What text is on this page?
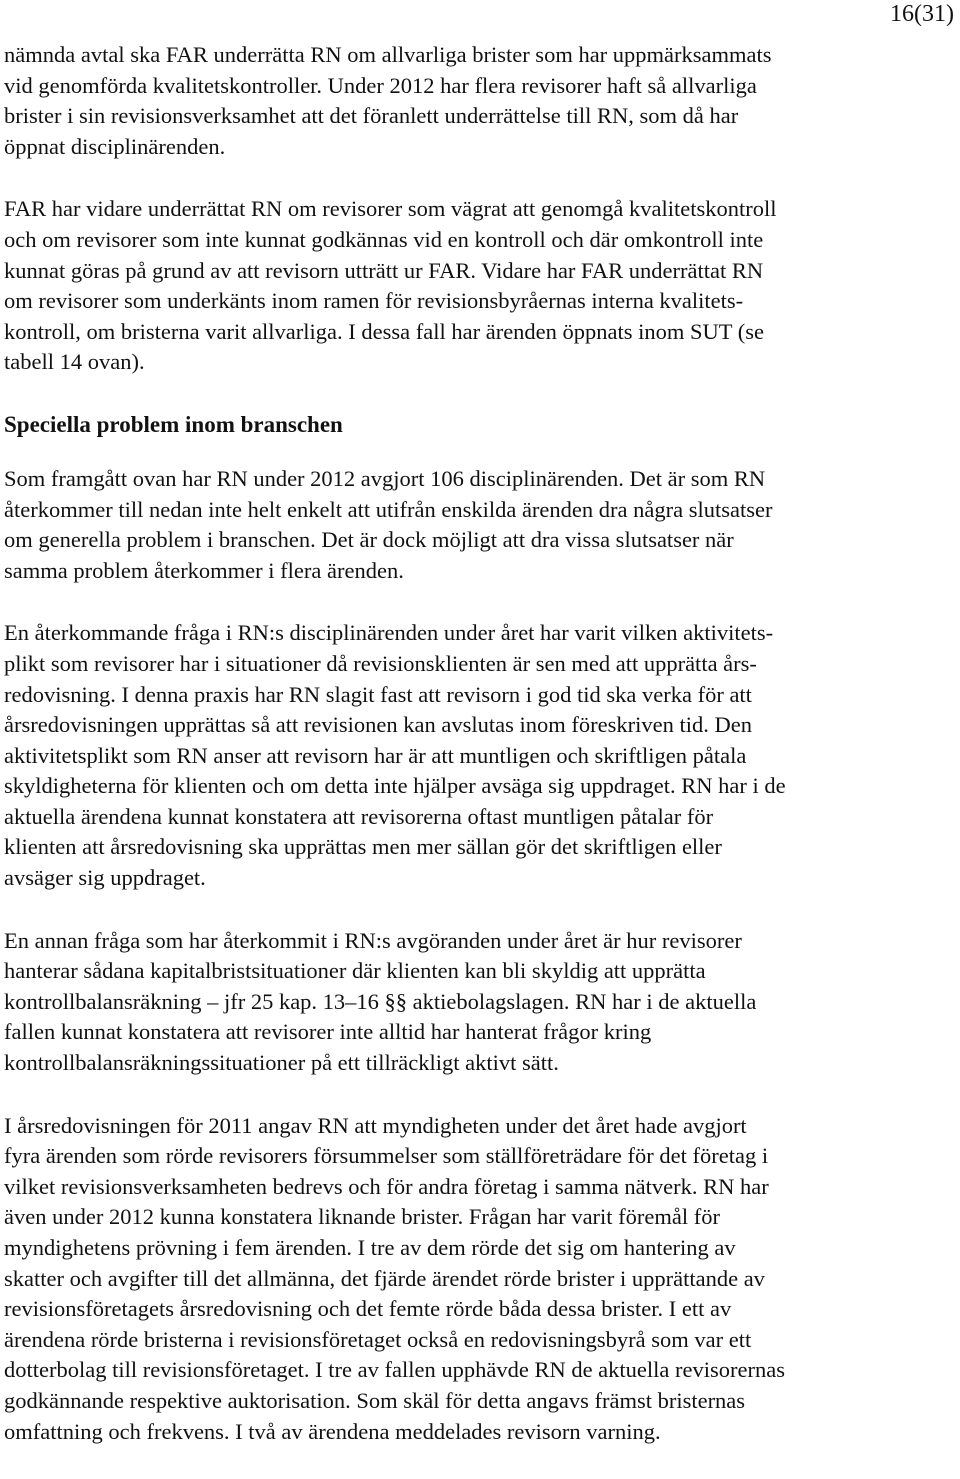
16(31)

nämnda avtal ska FAR underrätta RN om allvarliga brister som har uppmärksammats
vid genomförda kvalitetskontroller. Under 2012 har flera revisorer haft så allvarliga
brister i sin revisionsverksamhet att det föranlett underrättelse till RN, som då har
öppnat disciplinärenden.

FAR har vidare underrättat RN om revisorer som vägrat att genomgå kvalitetskontroll
och om revisorer som inte kunnat godkännas vid en kontroll och där omkontroll inte
kunnat göras på grund av att revisorn utträtt ur FAR. Vidare har FAR underrättat RN
om revisorer som underkänts inom ramen för revisionsbyråernas interna kvalitets-
kontroll, om bristerna varit allvarliga. I dessa fall har ärenden öppnats inom SUT (se
tabell 14 ovan).

Speciella problem inom branschen

Som framgått ovan har RN under 2012 avgjort 106 disciplinärenden. Det är som RN
återkommer till nedan inte helt enkelt att utifrån enskilda ärenden dra några slutsatser
om generella problem i branschen. Det är dock möjligt att dra vissa slutsatser när
samma problem återkommer i flera ärenden.

En återkommande fråga i RN:s disciplinärenden under året har varit vilken aktivitets-
plikt som revisorer har i situationer då revisionsklienten är sen med att upprätta års-
redovisning. I denna praxis har RN slagit fast att revisorn i god tid ska verka för att
årsredovisningen upprättas så att revisionen kan avslutas inom föreskriven tid. Den
aktivitetsplikt som RN anser att revisorn har är att muntligen och skriftligen påtala
skyldigheterna för klienten och om detta inte hjälper avsäga sig uppdraget. RN har i de
aktuella ärendena kunnat konstatera att revisorerna oftast muntligen påtalar för
klienten att årsredovisning ska upprättas men mer sällan gör det skriftligen eller
avsäger sig uppdraget.

En annan fråga som har återkommit i RN:s avgöranden under året är hur revisorer
hanterar sådana kapitalbristsituationer där klienten kan bli skyldig att upprätta
kontrollbalansräkning – jfr 25 kap. 13–16 §§ aktiebolagslagen. RN har i de aktuella
fallen kunnat konstatera att revisorer inte alltid har hanterat frågor kring
kontrollbalansräkningssituationer på ett tillräckligt aktivt sätt.

I årsredovisningen för 2011 angav RN att myndigheten under det året hade avgjort
fyra ärenden som rörde revisorers försummelser som ställföreträdare för det företag i
vilket revisionsverksamheten bedrevs och för andra företag i samma nätverk. RN har
även under 2012 kunna konstatera liknande brister. Frågan har varit föremål för
myndighetens prövning i fem ärenden. I tre av dem rörde det sig om hantering av
skatter och avgifter till det allmänna, det fjärde ärendet rörde brister i upprättande av
revisionsföretagets årsredovisning och det femte rörde båda dessa brister. I ett av
ärendena rörde bristerna i revisionsföretaget också en redovisningsbyrå som var ett
dotterbolag till revisionsföretaget. I tre av fallen upphävde RN de aktuella revisorernas
godkännande respektive auktorisation. Som skäl för detta angavs främst bristernas
omfattning och frekvens. I två av ärendena meddelades revisorn varning.
